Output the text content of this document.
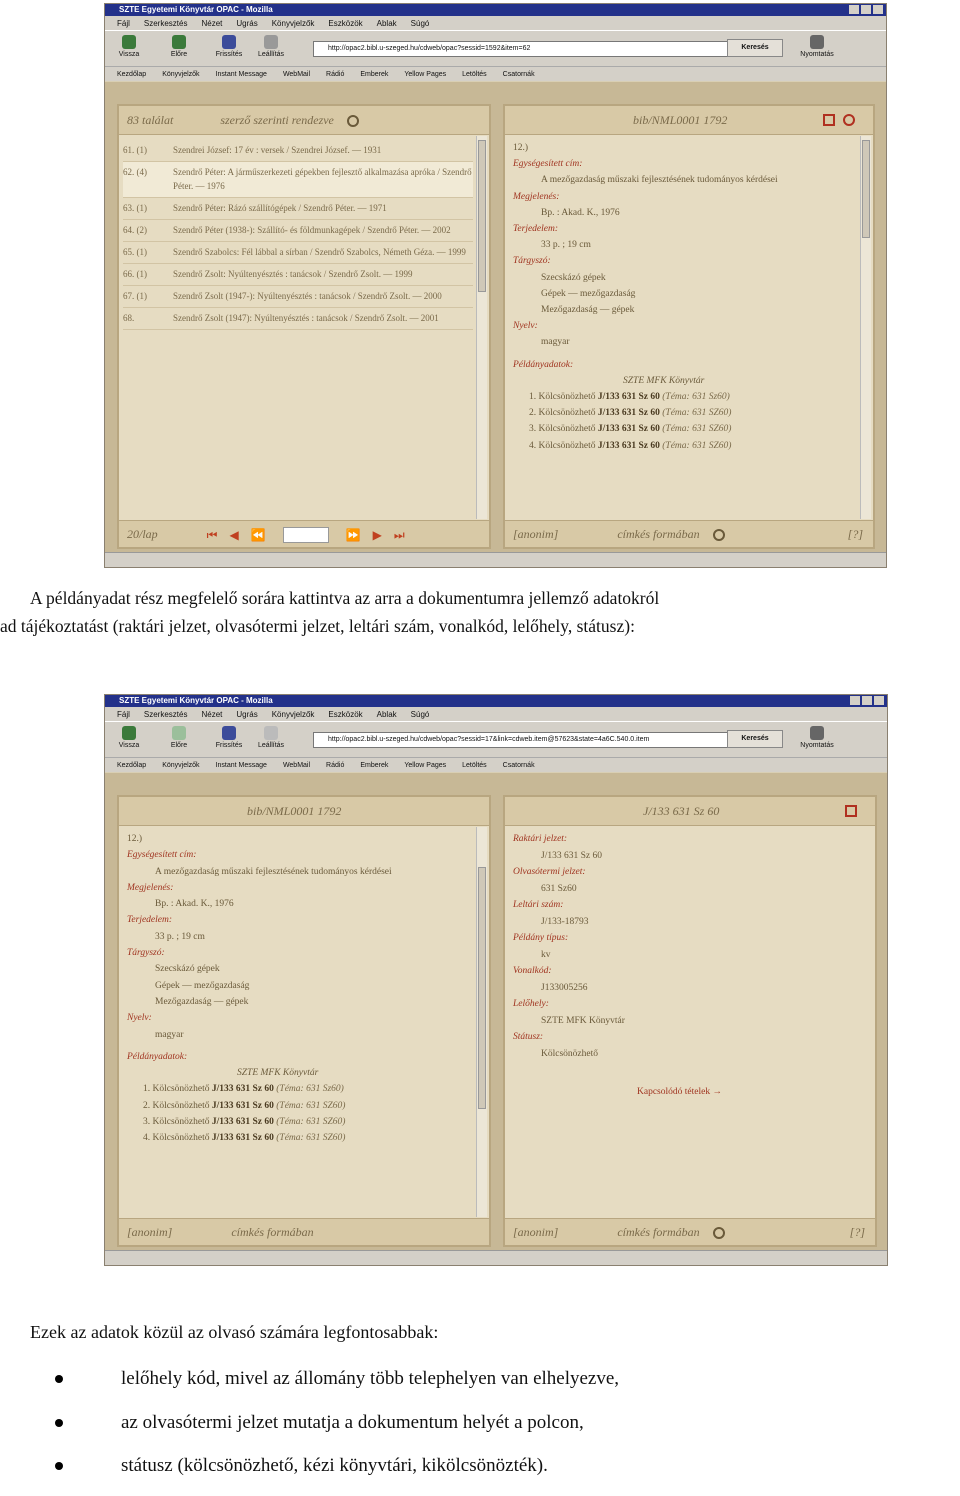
SZTE Egyetemi Könyvtár OPAC - Mozilla
Fájl Szerkesztés Nézet Ugrás Könyvjelzők Eszközök Ablak Súgó
Vissza	Előre	Frissítés Leállítás
http://opac2.bibl.u-szeged.hu/cdweb/opac?sessid=1592&item=62	Keresés
Nyomtatás
Kezdőlap Könyvjelzők Instant Message WebMail Rádió Emberek Yellow Pages Letöltés Csatornák
83 találat	szerző szerinti rendezve
61. (1)	Szendrei József: 17 év : versek / Szendrei József. — 1931
62. (4)	Szendrő Péter: A járműszerkezeti gépekben fejlesztő alkalmazása apróka / Szendrő Péter. — 1976
63. (1)	Szendrő Péter: Rázó szállítógépek / Szendrő Péter. — 1971
64. (2)	Szendrő Péter (1938-): Szállító- és földmunkagépek / Szendrő Péter. — 2002
65. (1)	Szendrő Szabolcs: Fél lábbal a sírban / Szendrő Szabolcs, Németh Géza. — 1999
66. (1)	Szendrő Zsolt: Nyúltenyésztés : tanácsok / Szendrő Zsolt. — 1999
67. (1)	Szendrő Zsolt (1947-): Nyúltenyésztés : tanácsok / Szendrő Zsolt. — 2000
68.	Szendrő Zsolt (1947): Nyúltenyésztés : tanácsok / Szendrő Zsolt. — 2001
20/lap	⏮ ◀ ⏪
	⏩ ▶ ⏭
bib/NML0001 1792
12.)
Egységesített cím:
A mezőgazdaság műszaki fejlesztésének tudományos kérdései
Megjelenés:
Bp. : Akad. K., 1976
Terjedelem:
33 p. ; 19 cm
Tárgyszó:
Szecskázó gépek
Gépek — mezőgazdaság
Mezőgazdaság — gépek
Nyelv:
magyar
Példányadatok:
SZTE MFK Könyvtár
1. Kölcsönözhető J/133 631 Sz 60 (Téma: 631 Sz60)
2. Kölcsönözhető J/133 631 Sz 60 (Téma: 631 SZ60)
3. Kölcsönözhető J/133 631 Sz 60 (Téma: 631 SZ60)
4. Kölcsönözhető J/133 631 Sz 60 (Téma: 631 SZ60)
[anonim]	címkés formában	[?]

A példányadat rész megfelelő sorára kattintva az arra a dokumentumra jellemző adatokról

ad tájékoztatást (raktári jelzet, olvasótermi jelzet, leltári szám, vonalkód, lelőhely, státusz):

SZTE Egyetemi Könyvtár OPAC - Mozilla
Fájl Szerkesztés Nézet Ugrás Könyvjelzők Eszközök Ablak Súgó
Vissza	Előre	Frissítés Leállítás
http://opac2.bibl.u-szeged.hu/cdweb/opac?sessid=17&link=cdweb.item@57623&state=4a6C.540.0.item	Keresés
Nyomtatás
Kezdőlap Könyvjelzők Instant Message WebMail Rádió Emberek Yellow Pages Letöltés Csatornák
bib/NML0001 1792
12.)
Egységesített cím:
A mezőgazdaság műszaki fejlesztésének tudományos kérdései
Megjelenés:
Bp. : Akad. K., 1976
Terjedelem:
33 p. ; 19 cm
Tárgyszó:
Szecskázó gépek
Gépek — mezőgazdaság
Mezőgazdaság — gépek
Nyelv:
magyar
Példányadatok:
SZTE MFK Könyvtár
1. Kölcsönözhető J/133 631 Sz 60 (Téma: 631 Sz60)
2. Kölcsönözhető J/133 631 Sz 60 (Téma: 631 SZ60)
3. Kölcsönözhető J/133 631 Sz 60 (Téma: 631 SZ60)
4. Kölcsönözhető J/133 631 Sz 60 (Téma: 631 SZ60)
[anonim]	címkés formában
J/133 631 Sz 60
Raktári jelzet:
J/133 631 Sz 60
Olvasótermi jelzet:
631 Sz60
Leltári szám:
J/133-18793
Példány típus:
kv
Vonalkód:
J133005256
Lelőhely:
SZTE MFK Könyvtár
Státusz:
Kölcsönözhető
Kapcsolódó tételek →
[anonim]	címkés formában	[?]

Ezek az adatok közül az olvasó számára legfontosabbak:

lelőhely kód, mivel az állomány több telephelyen van elhelyezve,
az olvasótermi jelzet mutatja a dokumentum helyét a polcon,
státusz (kölcsönözhető, kézi könyvtári, kikölcsönözték).
